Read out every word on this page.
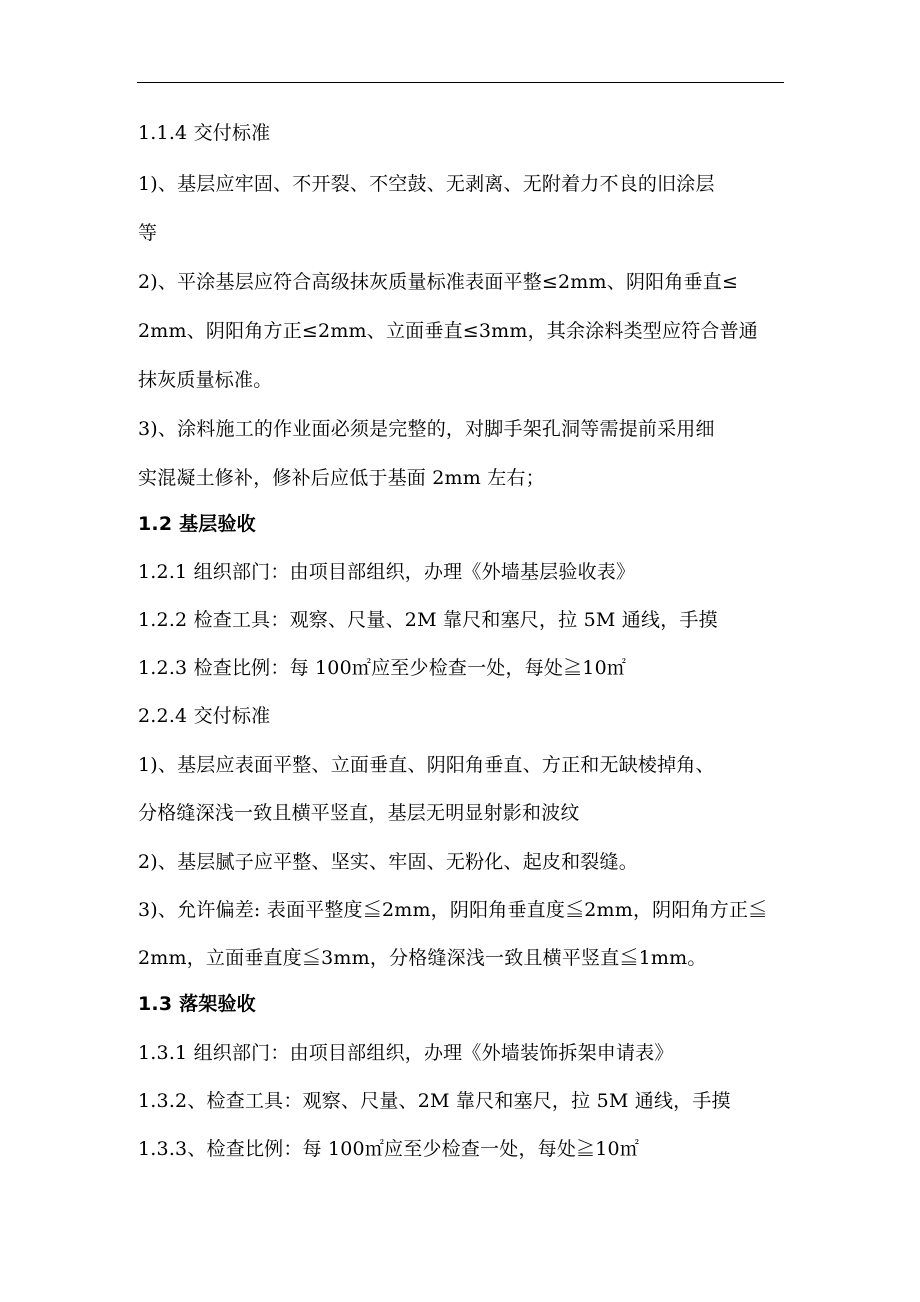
1.1.4 交付标准
1)、基层应牢固、不开裂、不空鼓、无剥离、无附着力不良的旧涂层
等
2)、平涂基层应符合高级抹灰质量标准表面平整≤2mm、阴阳角垂直≤
2mm、阴阳角方正≤2mm、立面垂直≤3mm，其余涂料类型应符合普通
抹灰质量标准。
3)、涂料施工的作业面必须是完整的，对脚手架孔洞等需提前采用细
实混凝土修补，修补后应低于基面 2mm 左右；
1.2 基层验收
1.2.1 组织部门：由项目部组织，办理《外墙基层验收表》
1.2.2 检查工具：观察、尺量、2M 靠尺和塞尺，拉 5M 通线，手摸
1.2.3 检查比例：每 100㎡应至少检查一处，每处≧10㎡
2.2.4 交付标准
1)、基层应表面平整、立面垂直、阴阳角垂直、方正和无缺棱掉角、
分格缝深浅一致且横平竖直，基层无明显射影和波纹
2)、基层腻子应平整、坚实、牢固、无粉化、起皮和裂缝。
3)、允许偏差: 表面平整度≦2mm，阴阳角垂直度≦2mm，阴阳角方正≦
2mm，立面垂直度≦3mm，分格缝深浅一致且横平竖直≦1mm。
1.3 落架验收
1.3.1 组织部门：由项目部组织，办理《外墙装饰拆架申请表》
1.3.2、检查工具：观察、尺量、2M 靠尺和塞尺，拉 5M 通线，手摸
1.3.3、检查比例：每 100㎡应至少检查一处，每处≧10㎡
